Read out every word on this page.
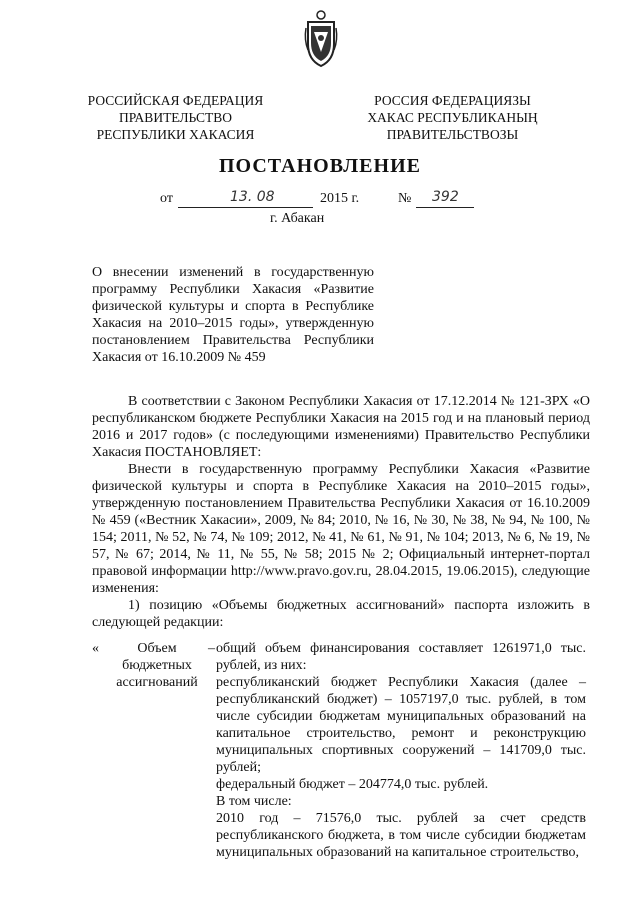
РОССИЙСКАЯ ФЕДЕРАЦИЯ
ПРАВИТЕЛЬСТВО
РЕСПУБЛИКИ ХАКАСИЯ
РОССИЯ ФЕДЕРАЦИЯЗЫ
ХАКАС РЕСПУБЛИКАНЫҢ
ПРАВИТЕЛЬСТВОЗЫ
ПОСТАНОВЛЕНИЕ
от	13. 08	2015 г.	№ 392
г. Абакан
О внесении изменений в государственную программу Республики Хакасия «Развитие физической культуры и спорта в Республике Хакасия на 2010–2015 годы», утвержденную постановлением Правительства Республики Хакасия от 16.10.2009 № 459

В соответствии с Законом Республики Хакасия от 17.12.2014 № 121-ЗРХ «О республиканском бюджете Республики Хакасия на 2015 год и на плановый период 2016 и 2017 годов» (с последующими изменениями) Правительство Республики Хакасия ПОСТАНОВЛЯЕТ:

Внести в государственную программу Республики Хакасия «Развитие физической культуры и спорта в Республике Хакасия на 2010–2015 годы», утвержденную постановлением Правительства Республики Хакасия от 16.10.2009 № 459 («Вестник Хакасии», 2009, № 84; 2010, № 16, № 30, № 38, № 94, № 100, № 154; 2011, № 52, № 74, № 109; 2012, № 41, № 61, № 91, № 104; 2013, № 6, № 19, № 57, № 67; 2014, № 11, № 55, № 58; 2015 № 2; Официальный интернет-портал правовой информации http://www.pravo.gov.ru, 28.04.2015, 19.06.2015), следующие изменения:

1) позицию «Объемы бюджетных ассигнований» паспорта изложить в следующей редакции:

«	Объем бюджетных ассигнований
– общий объем финансирования составляет 1261971,0 тыс. рублей, из них:

республиканский бюджет Республики Хакасия (далее – республиканский бюджет) – 1057197,0 тыс. рублей, в том числе субсидии бюджетам муниципальных образований на капитальное строительство, ремонт и реконструкцию муниципальных спортивных сооружений – 141709,0 тыс. рублей;

федеральный бюджет – 204774,0 тыс. рублей.

В том числе:

2010 год – 71576,0 тыс. рублей за счет средств республиканского бюджета, в том числе субсидии бюджетам муниципальных образований на капитальное строительство,
